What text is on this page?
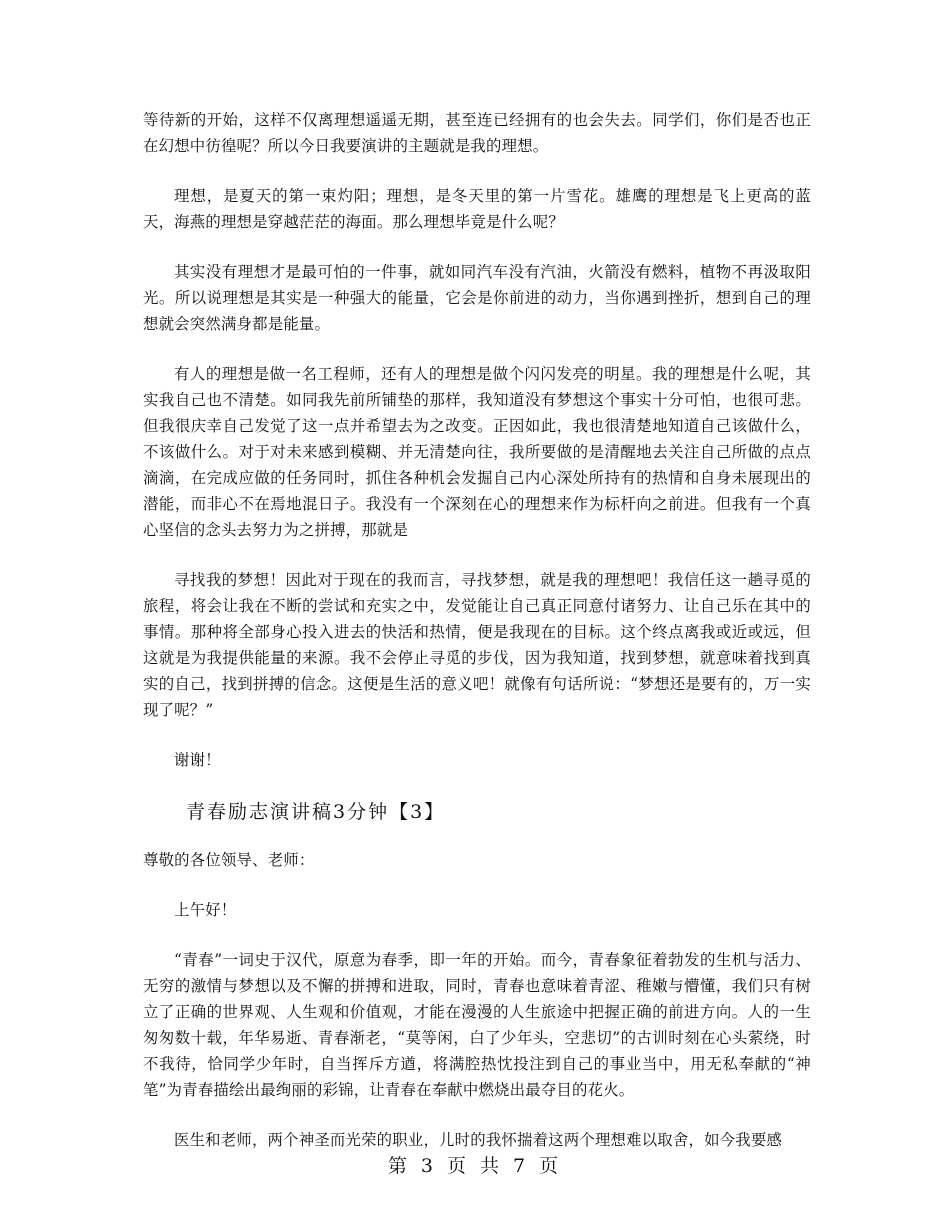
等待新的开始，这样不仅离理想遥遥无期，甚至连已经拥有的也会失去。同学们，你们是否也正在幻想中彷徨呢？所以今日我要演讲的主题就是我的理想。

理想，是夏天的第一束灼阳；理想，是冬天里的第一片雪花。雄鹰的理想是飞上更高的蓝天，海燕的理想是穿越茫茫的海面。那么理想毕竟是什么呢？

其实没有理想才是最可怕的一件事，就如同汽车没有汽油，火箭没有燃料，植物不再汲取阳光。所以说理想是其实是一种强大的能量，它会是你前进的动力，当你遇到挫折，想到自己的理想就会突然满身都是能量。

有人的理想是做一名工程师，还有人的理想是做个闪闪发亮的明星。我的理想是什么呢，其实我自己也不清楚。如同我先前所铺垫的那样，我知道没有梦想这个事实十分可怕，也很可悲。但我很庆幸自己发觉了这一点并希望去为之改变。正因如此，我也很清楚地知道自己该做什么，不该做什么。对于对未来感到模糊、并无清楚向往，我所要做的是清醒地去关注自己所做的点点滴滴，在完成应做的任务同时，抓住各种机会发掘自己内心深处所持有的热情和自身未展现出的潜能，而非心不在焉地混日子。我没有一个深刻在心的理想来作为标杆向之前进。但我有一个真心坚信的念头去努力为之拼搏，那就是

寻找我的梦想！因此对于现在的我而言，寻找梦想，就是我的理想吧！我信任这一趟寻觅的旅程，将会让我在不断的尝试和充实之中，发觉能让自己真正同意付诸努力、让自己乐在其中的事情。那种将全部身心投入进去的快活和热情，便是我现在的目标。这个终点离我或近或远，但这就是为我提供能量的来源。我不会停止寻觅的步伐，因为我知道，找到梦想，就意味着找到真实的自己，找到拼搏的信念。这便是生活的意义吧！就像有句话所说：“梦想还是要有的，万一实现了呢？”

谢谢！

青春励志演讲稿3分钟【3】

尊敬的各位领导、老师：

上午好！

“青春”一词史于汉代，原意为春季，即一年的开始。而今，青春象征着勃发的生机与活力、无穷的激情与梦想以及不懈的拼搏和进取，同时，青春也意味着青涩、稚嫩与懵懂，我们只有树立了正确的世界观、人生观和价值观，才能在漫漫的人生旅途中把握正确的前进方向。人的一生匆匆数十载，年华易逝、青春渐老，“莫等闲，白了少年头，空悲切”的古训时刻在心头萦绕，时不我待，恰同学少年时，自当挥斥方遒，将满腔热忱投注到自己的事业当中，用无私奉献的“神笔”为青春描绘出最绚丽的彩锦，让青春在奉献中燃烧出最夺目的花火。

医生和老师，两个神圣而光荣的职业，儿时的我怀揣着这两个理想难以取舍，如今我要感

第 3 页 共 7 页
